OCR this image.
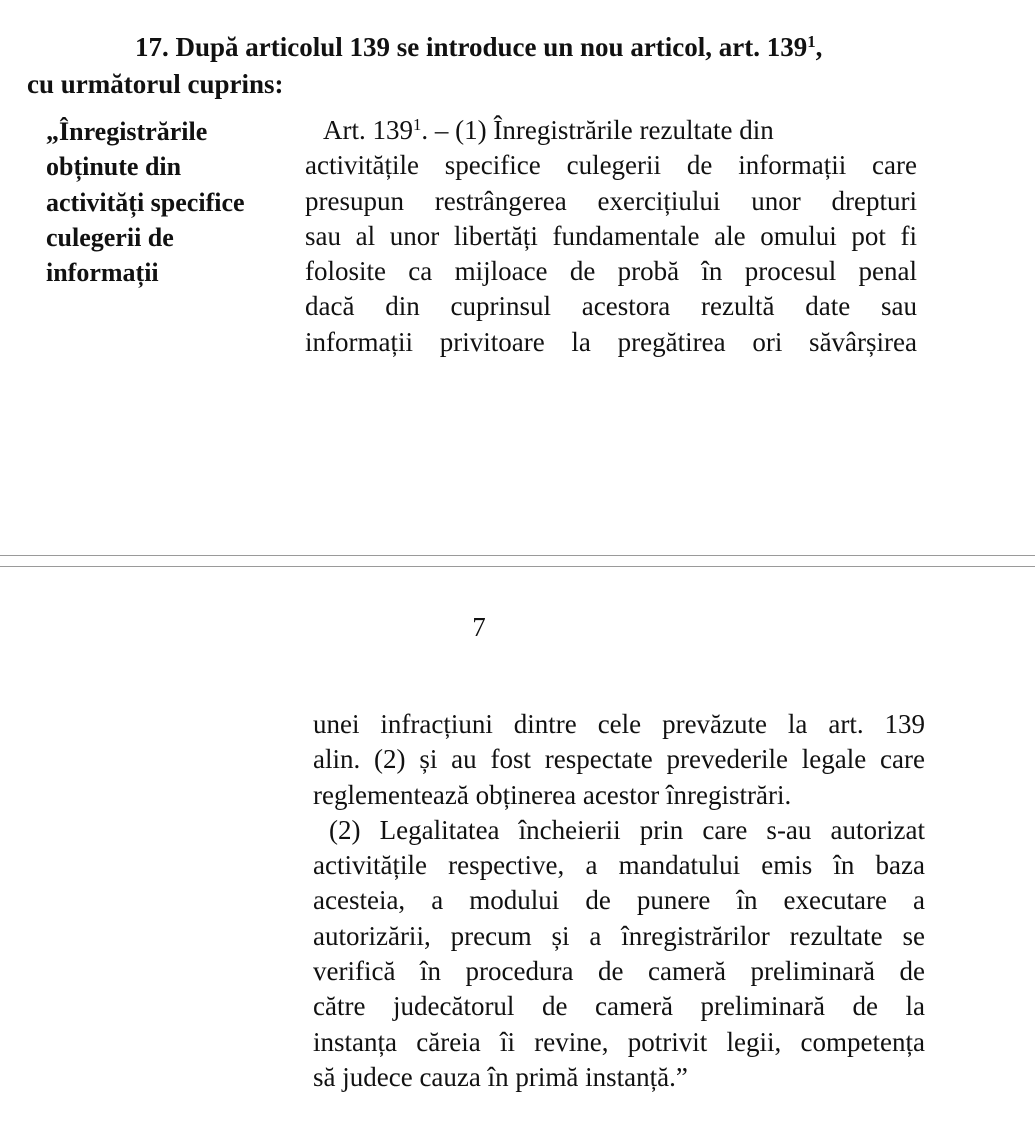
17. După articolul 139 se introduce un nou articol, art. $139^1$,
cu următorul cuprins:
„Înregistrările
obținute din
activități specifice
culegerii de
informații
Art. $139^1$. – (1) Înregistrările rezultate din
activitățile specifice culegerii de informații care
presupun restrângerea exercițiului unor drepturi
sau al unor libertăți fundamentale ale omului pot fi
folosite ca mijloace de probă în procesul penal
dacă din cuprinsul acestora rezultă date sau
informații privitoare la pregătirea ori săvârșirea
7
unei infracțiuni dintre cele prevăzute la art. 139
alin. (2) și au fost respectate prevederile legale care
reglementează obținerea acestor înregistrări.
(2) Legalitatea încheierii prin care s-au autorizat
activitățile respective, a mandatului emis în baza
acesteia, a modului de punere în executare a
autorizării, precum și a înregistrărilor rezultate se
verifică în procedura de cameră preliminară de
către judecătorul de cameră preliminară de la
instanța căreia îi revine, potrivit legii, competența
să judece cauza în primă instanță.”
